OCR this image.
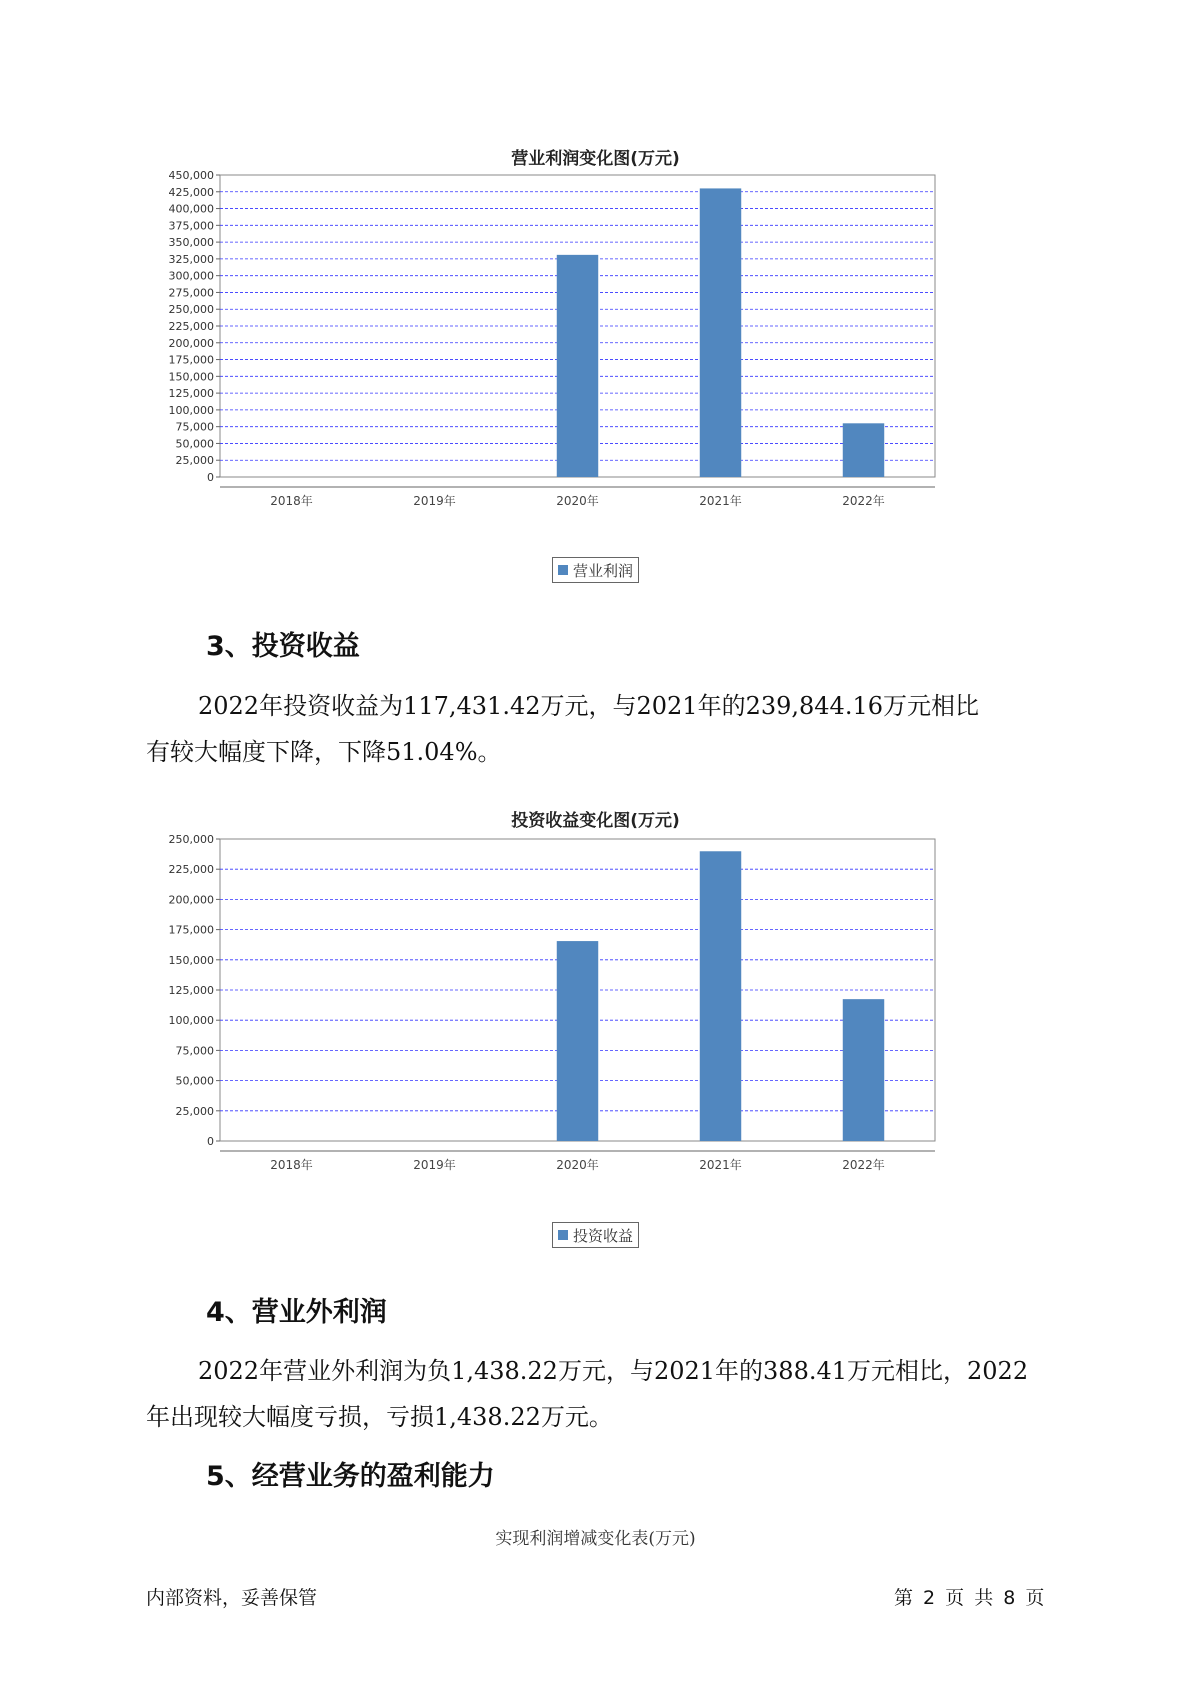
营业利润变化图(万元)
0
25,000
50,000
75,000
100,000
125,000
150,000
175,000
200,000
225,000
250,000
275,000
300,000
325,000
350,000
375,000
400,000
425,000
450,000
2018年	2019年	2020年	2021年	2022年
营业利润
3、投资收益
2022年投资收益为117,431.42万元，与2021年的239,844.16万元相比
有较大幅度下降，下降51.04%。
投资收益变化图(万元)
0
25,000
50,000
75,000
100,000
125,000
150,000
175,000
200,000
225,000
250,000
2018年	2019年	2020年	2021年	2022年
投资收益
4、营业外利润
2022年营业外利润为负1,438.22万元，与2021年的388.41万元相比，2022
年出现较大幅度亏损，亏损1,438.22万元。
5、经营业务的盈利能力
实现利润增减变化表(万元)
内部资料，妥善保管	第 2 页 共 8 页
